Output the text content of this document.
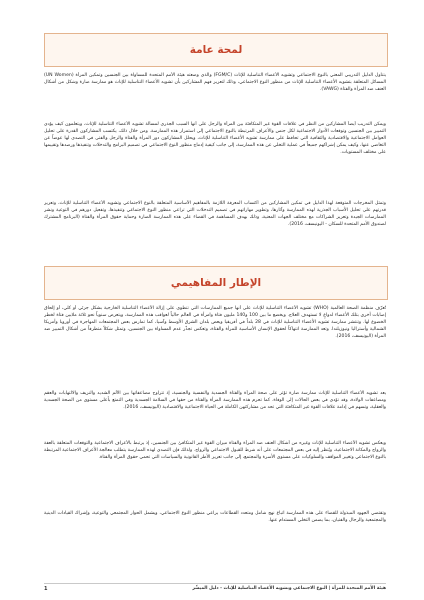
لمحة عامة

يتناول الدليل التدريبي المعني بالنوع الاجتماعي وتشويه الأعضاء التناسلية للإناث (FGM/C) والذي وضعته هيئة الأمم المتحدة للمساواة بين الجنسين وتمكين المرأة (UN Women) المسائل المتعلقة بتشويه الأعضاء التناسلية للإناث من منظور النوع الاجتماعي، وذلك لتعزيز فهم المشاركين بأن تشويه الأعضاء التناسلية للإناث هو ممارسة ضارة وشكل من أشكال العنف ضد المرأة والفتاة (VAWG).

ويمكّن التدريب أيضاً المشاركين من النظر في علاقات القوة غير المتكافئة بين المرأة والرجل على أنها السبب الجذري لمسألة تشويه الأعضاء التناسلية للإناث، ويتعلمون كيف يؤدي التمييز بين الجنسين وتوقعات الأدوار الاجتماعية لكل جنس والأعراف المرتبطة بالنوع الاجتماعي إلى استمرار هذه الممارسة. ومن خلال ذلك، يكتسب المشاركون القدرة على تحليل العوامل الاجتماعية والاقتصادية والثقافية التي تحافظ على ممارسة تشويه الأعضاء التناسلية للإناث، ويحلل المشاركون دور المرأة والفتاة والرجل والفتى في التصدي لها عوضاً عن التغاضي عنها، وكيف يمكن إشراكهم جميعاً في عملية التخلي عن هذه الممارسة، إلى جانب كيفية إدماج منظور النوع الاجتماعي في تصميم البرامج والتدخلات وتنفيذها ورصدها وتقييمها على مختلف المستويات.

وتمثل المخرجات المتوقعة لهذا الدليل في تمكين المشاركين من اكتساب المعرفة اللازمة بالمفاهيم الأساسية المتعلقة بالنوع الاجتماعي وتشويه الأعضاء التناسلية للإناث، وتعزيز قدرتهم على تحليل الأسباب الجذرية لهذه الممارسة وآثارها، وتطوير مهاراتهم في تصميم التدخلات التي تراعي منظور النوع الاجتماعي وتنفيذها، وتفعيل دورهم في التوعية ونشر الممارسات الجيدة وتعزيز الشراكات مع مختلف الجهات المعنية، وذلك بهدف المساهمة في القضاء على هذه الممارسة الضارة وحماية حقوق المرأة والفتاة (البرنامج المشترك لصندوق الأمم المتحدة للسكان - اليونيسف، 2016).

الإطار المفاهيمي

تُعرّف منظمة الصحة العالمية (WHO) تشويه الأعضاء التناسلية للإناث على أنها جميع الممارسات التي تنطوي على إزالة الأعضاء التناسلية الخارجية بشكل جزئي أو كلي، أو إلحاق إصابات أخرى بتلك الأعضاء لدواعٍ لا تستهدف العلاج. ويخضع ما بين 100 و140 مليون فتاة وامرأة في العالم حالياً لعواقب هذه الممارسة، ويتعرض سنوياً نحو ثلاثة ملايين فتاة لخطر الخضوع لها. وتنتشر ممارسة تشويه الأعضاء التناسلية للإناث في 28 بلداً في أفريقيا وبعض بلدان الشرق الأوسط وآسيا، كما تمارس بعض المجتمعات المهاجرة في أوروبا وأمريكا الشمالية وأستراليا ونيوزيلندا. وتعد الممارسة انتهاكاً لحقوق الإنسان الأساسية للمرأة والفتاة، وتعكس تجذّر عدم المساواة بين الجنسين، وتمثل شكلاً متطرفاً من أشكال التمييز ضد المرأة (اليونيسف، 2016).

يعد تشويه الأعضاء التناسلية للإناث ممارسة ضارة تؤثر على صحة المرأة والفتاة الجسدية والنفسية والجنسية، إذ تتراوح مضاعفاتها بين الألم الشديد والنزيف والالتهابات والعقم ومضاعفات الولادة، وقد تؤدي في بعض الحالات إلى الوفاة. كما تحرم هذه الممارسة المرأة والفتاة من حقها في السلامة الجسدية وفي التمتع بأعلى مستوى من الصحة الجسدية والعقلية، وتسهم في إدامة علاقات القوة غير المتكافئة التي تحد من مشاركتهن الكاملة في الحياة الاجتماعية والاقتصادية (اليونيسف، 2016).

ويعكس تشويه الأعضاء التناسلية للإناث وغيره من أشكال العنف ضد المرأة والفتاة ميزان القوة غير المتكافئ بين الجنسين، إذ يرتبط بالأعراف الاجتماعية والتوقعات المتعلقة بالعفة والزواج والمكانة الاجتماعية، ويُنظر إليه في بعض المجتمعات على أنه شرط للقبول الاجتماعي والزواج. ولذلك فإن التصدي لهذه الممارسة يتطلب معالجة الأعراف الاجتماعية المرتبطة بالنوع الاجتماعي وتغيير المواقف والسلوكيات على مستوى الأسرة والمجتمع، إلى جانب تعزيز الأطر القانونية والسياسات التي تحمي حقوق المرأة والفتاة.

وتقتضي الجهود المبذولة للقضاء على هذه الممارسة اتباع نهج شامل ومتعدد القطاعات يراعي منظور النوع الاجتماعي، ويشمل الحوار المجتمعي والتوعية، وإشراك القيادات الدينية والمجتمعية والرجال والفتيان، بما يضمن التخلي المستدام عنها.

1	هيئة الأمم المتحدة للمرأة | النوع الاجتماعي وتشويه الأعضاء التناسلية للإناث - دليل الميسِّر
